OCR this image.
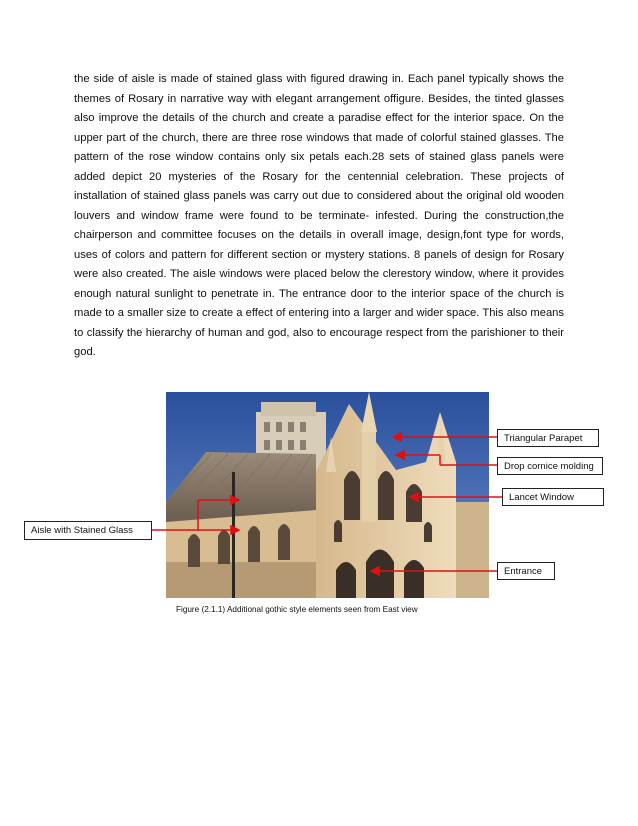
the side of aisle is made of stained glass with figured drawing in. Each panel typically shows the themes of Rosary in narrative way with elegant arrangement offigure. Besides, the tinted glasses also improve the details of the church and create a paradise effect for the interior space. On the upper part of the church, there are three rose windows that made of colorful stained glasses. The pattern of the rose window contains only six petals each.28 sets of stained glass panels were added depict 20 mysteries of the Rosary for the centennial celebration. These projects of installation of stained glass panels was carry out due to considered about the original old wooden louvers and window frame were found to be terminate- infested. During the construction,the chairperson and committee focuses on the details in overall image, design,font type for words, uses of colors and pattern for different section or mystery stations. 8 panels of design for Rosary were also created. The aisle windows were placed below the clerestory window, where it provides enough natural sunlight to penetrate in. The entrance door to the interior space of the church is made to a smaller size to create a effect of entering into a larger and wider space. This also means to classify the hierarchy of human and god, also to encourage respect from the parishioner to their god.

Triangular Parapet
Drop cornice molding
Lancet Window
Aisle with Stained Glass
Entrance
Figure (2.1.1) Additional gothic style elements seen from East view
